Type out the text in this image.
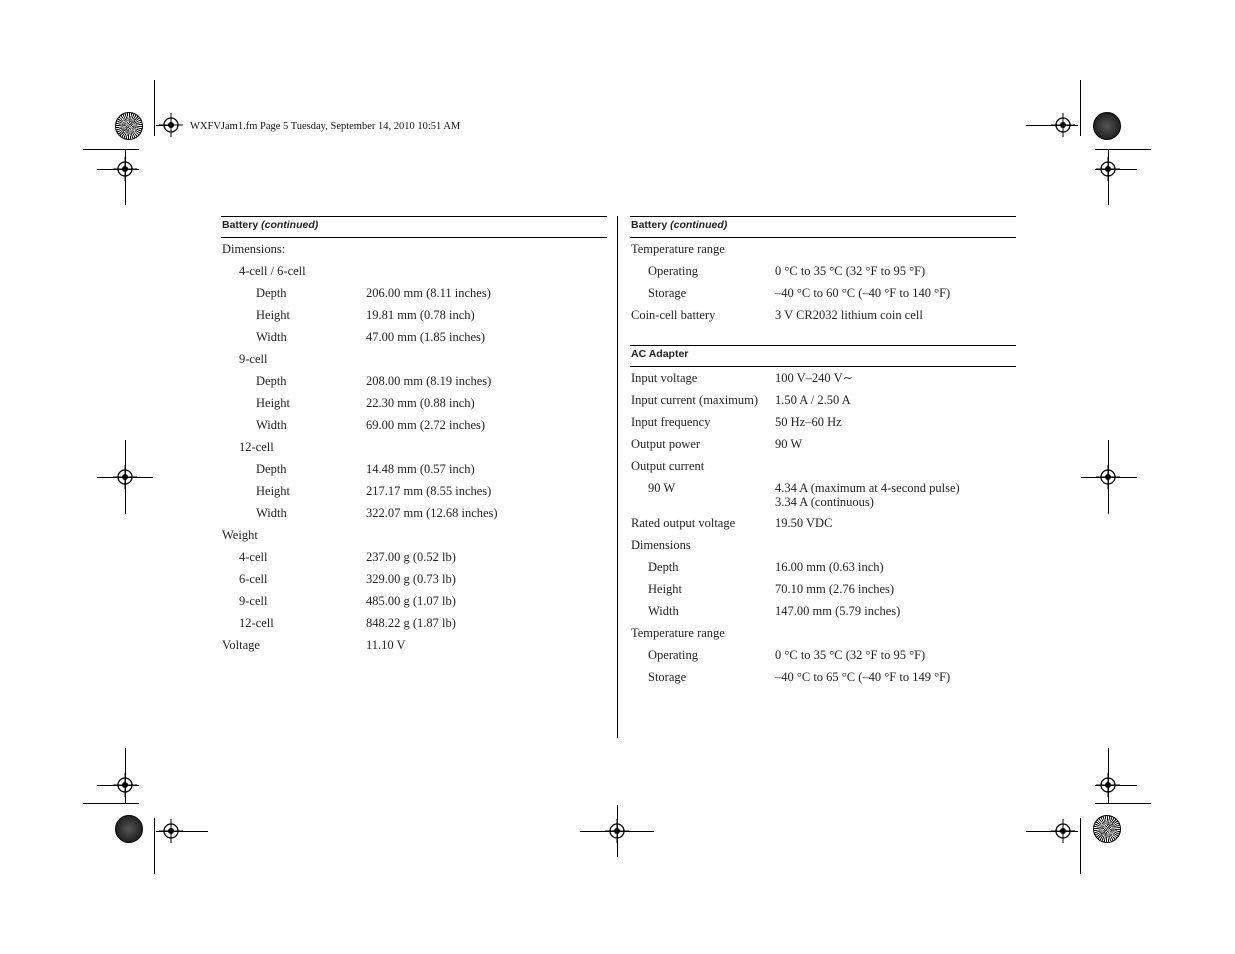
WXFVJam1.fm Page 5 Tuesday, September 14, 2010 10:51 AM
Battery (continued)
Dimensions:
4-cell / 6-cell
Depth	206.00 mm (8.11 inches)
Height	19.81 mm (0.78 inch)
Width	47.00 mm (1.85 inches)
9-cell
Depth	208.00 mm (8.19 inches)
Height	22.30 mm (0.88 inch)
Width	69.00 mm (2.72 inches)
12-cell
Depth	14.48 mm (0.57 inch)
Height	217.17 mm (8.55 inches)
Width	322.07 mm (12.68 inches)
Weight
4-cell	237.00 g (0.52 lb)
6-cell	329.00 g (0.73 lb)
9-cell	485.00 g (1.07 lb)
12-cell	848.22 g (1.87 lb)
Voltage	11.10 V
Battery (continued)
Temperature range
Operating	0 °C to 35 °C (32 °F to 95 °F)
Storage	–40 °C to 60 °C (–40 °F to 140 °F)
Coin-cell battery	3 V CR2032 lithium coin cell
AC Adapter
Input voltage	100 V–240 V∼
Input current (maximum) 1.50 A / 2.50 A
Input frequency	50 Hz–60 Hz
Output power	90 W
Output current
90 W	4.34 A (maximum at 4-second pulse)
3.34 A (continuous)
Rated output voltage	19.50 VDC
Dimensions
Depth	16.00 mm (0.63 inch)
Height	70.10 mm (2.76 inches)
Width	147.00 mm (5.79 inches)
Temperature range
Operating	0 °C to 35 °C (32 °F to 95 °F)
Storage	–40 °C to 65 °C (–40 °F to 149 °F)
